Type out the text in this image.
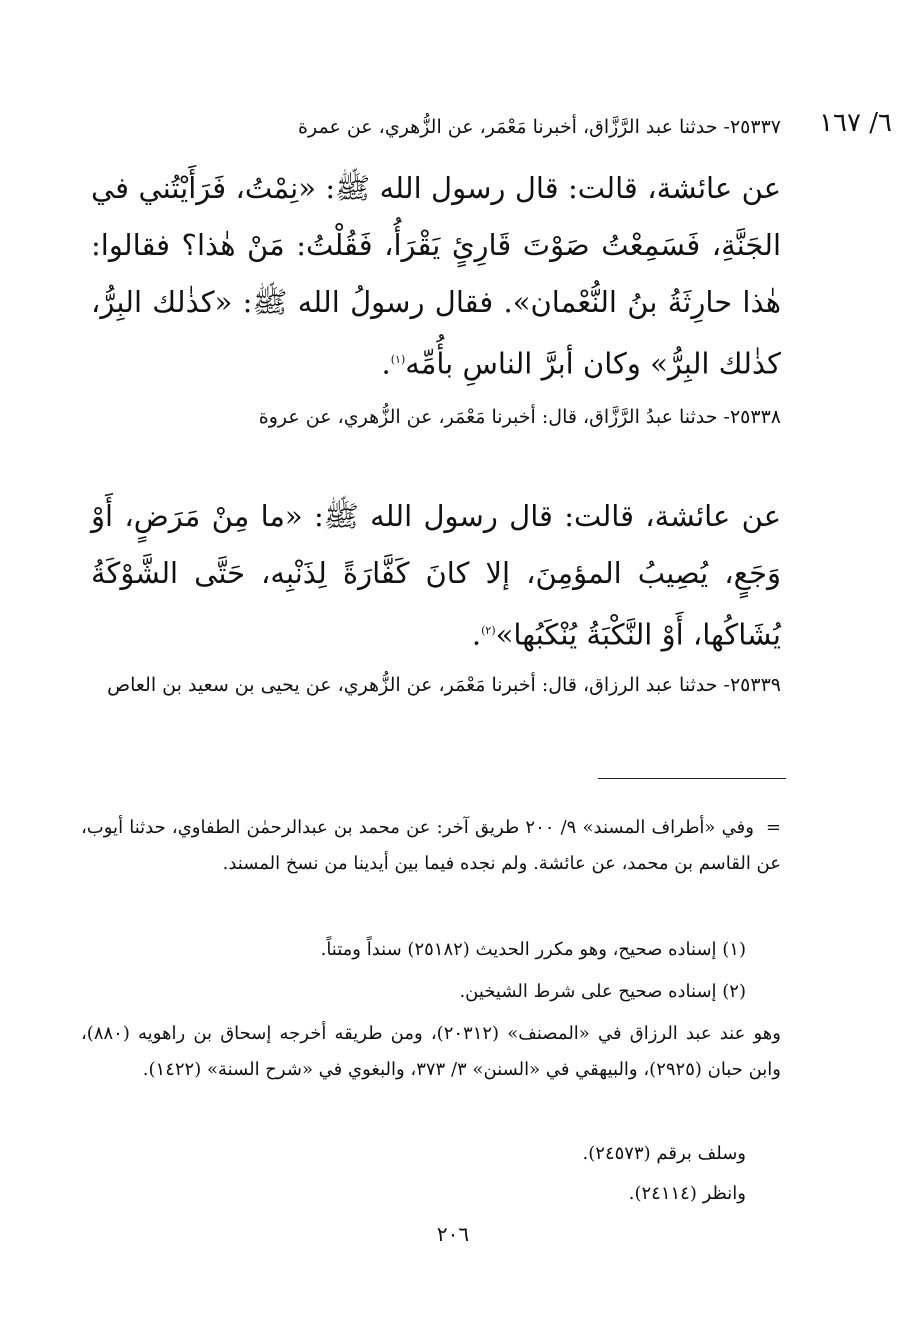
٦/ ١٦٧
٢٥٣٣٧- حدثنا عبد الرَّزَّاق، أخبرنا مَعْمَر، عن الزُّهري، عن عمرة
عن عائشة، قالت: قال رسول الله ﷺ: «نِمْتُ، فَرَأَيْتُني في الجَنَّةِ، فَسَمِعْتُ صَوْتَ قَارِئٍ يَقْرَأُ، فَقُلْتُ: مَنْ هٰذا؟ فقالوا: هٰذا حارِثَةُ بنُ النُّعْمان». فقال رسولُ الله ﷺ: «كذٰلك البِرُّ، كذٰلك البِرُّ» وكان أبرَّ الناسِ بأُمِّه$^{(١)}$.
٢٥٣٣٨- حدثنا عبدُ الرَّزَّاق، قال: أخبرنا مَعْمَر، عن الزُّهري، عن عروة
عن عائشة، قالت: قال رسول الله ﷺ: «ما مِنْ مَرَضٍ، أَوْ وَجَعٍ، يُصِيبُ المؤمِنَ، إلا كانَ كَفَّارَةً لِذَنْبِه، حَتَّى الشَّوْكَةُ يُشَاكُها، أَوْ النَّكْبَةُ يُنْكَبُها»$^{(٢)}$.
٢٥٣٣٩- حدثنا عبد الرزاق، قال: أخبرنا مَعْمَر، عن الزُّهري، عن يحيى بن سعيد بن العاص
=وفي «أطراف المسند» ٩/ ٢٠٠ طريق آخر: عن محمد بن عبدالرحمٰن الطفاوي، حدثنا أيوب، عن القاسم بن محمد، عن عائشة. ولم نجده فيما بين أيدينا من نسخ المسند.
(١) إسناده صحيح، وهو مكرر الحديث (٢٥١٨٢) سنداً ومتناً.
(٢) إسناده صحيح على شرط الشيخين.
وهو عند عبد الرزاق في «المصنف» (٢٠٣١٢)، ومن طريقه أخرجه إسحاق بن راهويه (٨٨٠)، وابن حبان (٢٩٢٥)، والبيهقي في «السنن» ٣/ ٣٧٣، والبغوي في «شرح السنة» (١٤٢٢).
وسلف برقم (٢٤٥٧٣).
وانظر (٢٤١١٤).
٢٠٦
